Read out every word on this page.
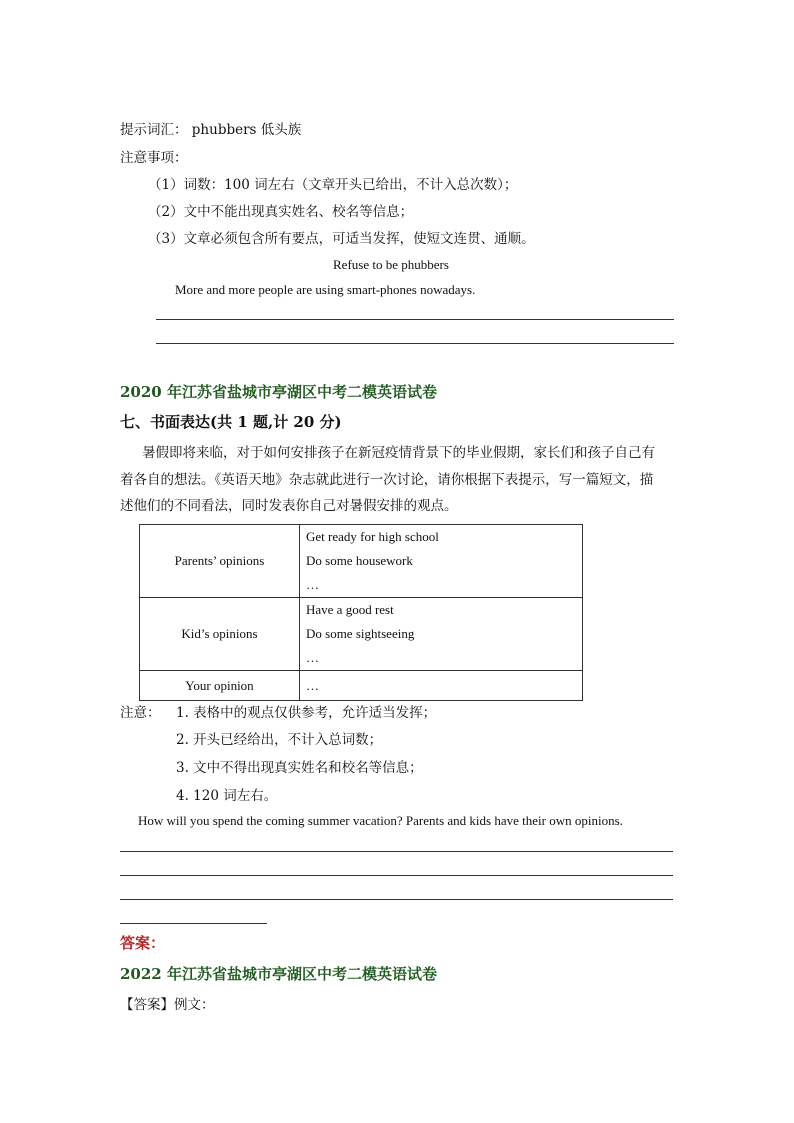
提示词汇： phubbers 低头族
注意事项：
（1）词数：100 词左右（文章开头已给出，不计入总次数）；
（2）文中不能出现真实姓名、校名等信息；
（3）文章必须包含所有要点，可适当发挥，使短文连贯、通顺。
Refuse to be phubbers
More and more people are using smart-phones nowadays.
2020 年江苏省盐城市亭湖区中考二模英语试卷
七、书面表达(共 1 题,计 20 分)
暑假即将来临，对于如何安排孩子在新冠疫情背景下的毕业假期，家长们和孩子自己有
着各自的想法。《英语天地》杂志就此进行一次讨论，请你根据下表提示，写一篇短文，描
述他们的不同看法，同时发表你自己对暑假安排的观点。
Parents’ opinions	Get ready for high school
Do some housework
…

Kid’s opinions	Have a good rest
Do some sightseeing
…

Your opinion	…
注意： 1. 表格中的观点仅供参考，允许适当发挥；
2. 开头已经给出，不计入总词数；
3. 文中不得出现真实姓名和校名等信息；
4. 120 词左右。
How will you spend the coming summer vacation? Parents and kids have their own opinions.
答案：
2022 年江苏省盐城市亭湖区中考二模英语试卷
【答案】例文：
